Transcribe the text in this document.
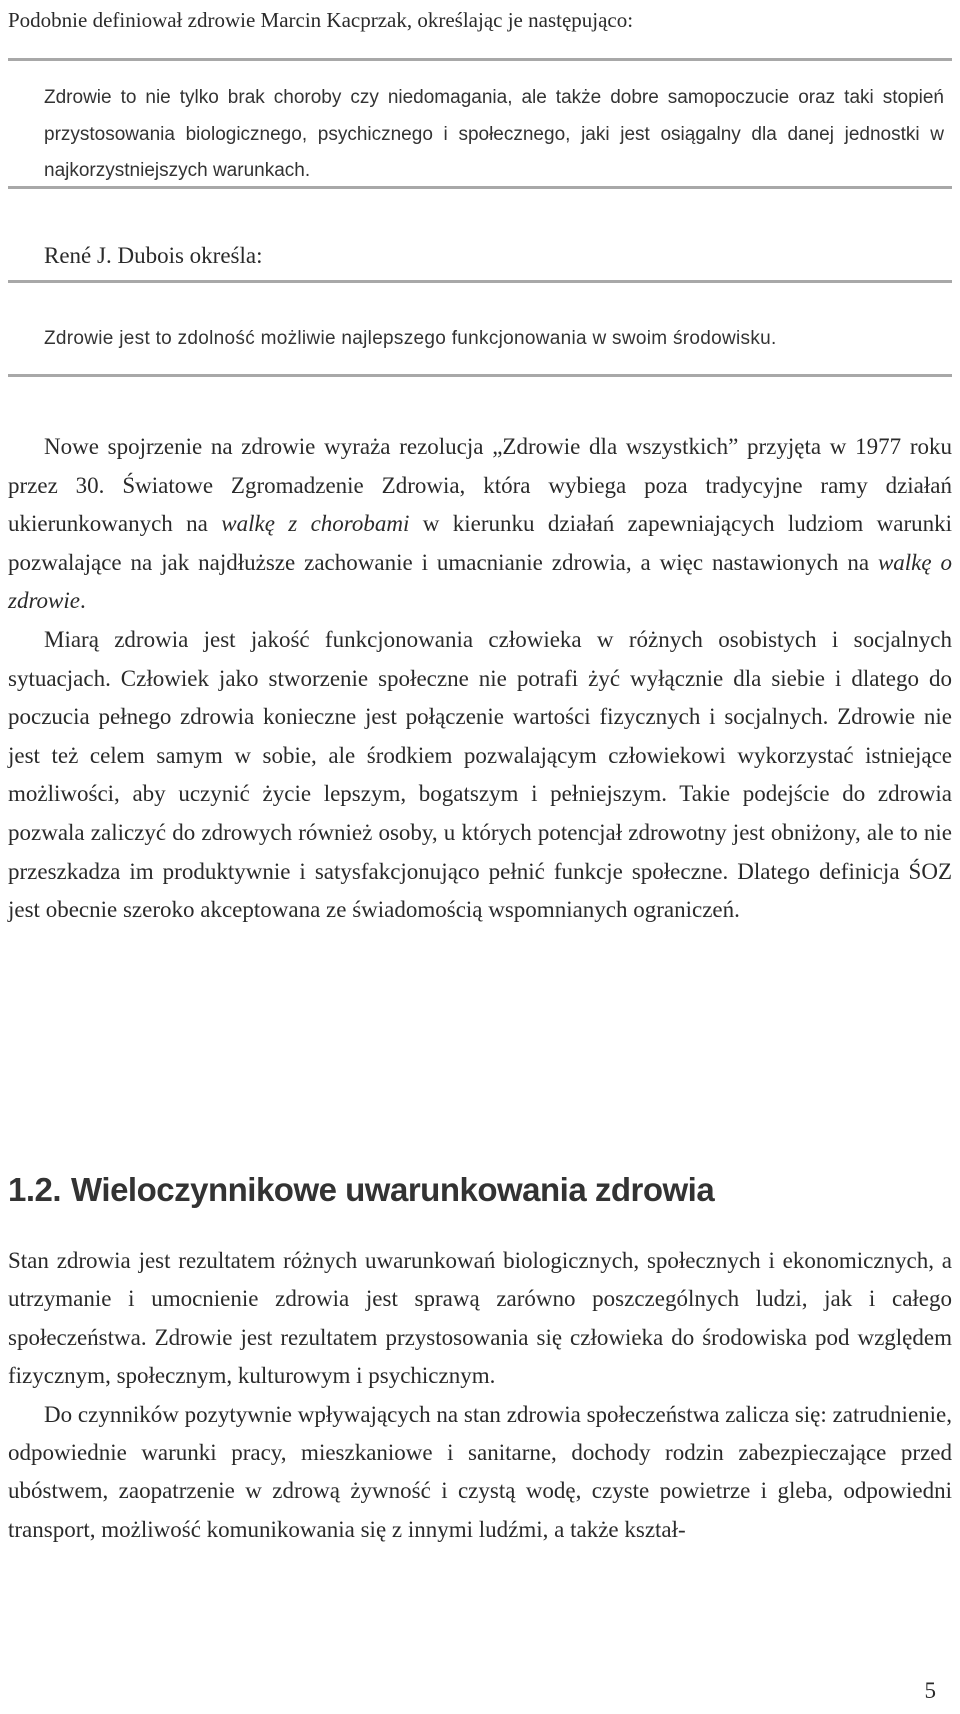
Podobnie definiował zdrowie Marcin Kacprzak, określając je następująco:

Zdrowie to nie tylko brak choroby czy niedomagania, ale także dobre samopoczucie oraz taki stopień przystosowania biologicznego, psychicznego i społecznego, jaki jest osiągalny dla danej jednostki w najkorzystniejszych warunkach.

René J. Dubois określa:

Zdrowie jest to zdolność możliwie najlepszego funkcjonowania w swoim środowisku.

Nowe spojrzenie na zdrowie wyraża rezolucja „Zdrowie dla wszystkich” przyjęta w 1977 roku przez 30. Światowe Zgromadzenie Zdrowia, która wybiega poza tradycyjne ramy działań ukierunkowanych na walkę z chorobami w kierunku działań zapewniających ludziom warunki pozwalające na jak najdłuższe zachowanie i umacnianie zdrowia, a więc nastawionych na walkę o zdrowie.

Miarą zdrowia jest jakość funkcjonowania człowieka w różnych osobistych i socjalnych sytuacjach. Człowiek jako stworzenie społeczne nie potrafi żyć wyłącznie dla siebie i dlatego do poczucia pełnego zdrowia konieczne jest połączenie wartości fizycznych i socjalnych. Zdrowie nie jest też celem samym w sobie, ale środkiem pozwalającym człowiekowi wykorzystać istniejące możliwości, aby uczynić życie lepszym, bogatszym i pełniejszym. Takie podejście do zdrowia pozwala zaliczyć do zdrowych również osoby, u których potencjał zdrowotny jest obniżony, ale to nie przeszkadza im produktywnie i satysfakcjonująco pełnić funkcje społeczne. Dlatego definicja ŚOZ jest obecnie szeroko akceptowana ze świadomością wspomnianych ograniczeń.

1.2. Wieloczynnikowe uwarunkowania zdrowia

Stan zdrowia jest rezultatem różnych uwarunkowań biologicznych, społecznych i ekonomicznych, a utrzymanie i umocnienie zdrowia jest sprawą zarówno poszczególnych ludzi, jak i całego społeczeństwa. Zdrowie jest rezultatem przystosowania się człowieka do środowiska pod względem fizycznym, społecznym, kulturowym i psychicznym.

Do czynników pozytywnie wpływających na stan zdrowia społeczeństwa zalicza się: zatrudnienie, odpowiednie warunki pracy, mieszkaniowe i sanitarne, dochody rodzin zabezpieczające przed ubóstwem, zaopatrzenie w zdrową żywność i czystą wodę, czyste powietrze i gleba, odpowiedni transport, możliwość komunikowania się z innymi ludźmi, a także kształ-

5
